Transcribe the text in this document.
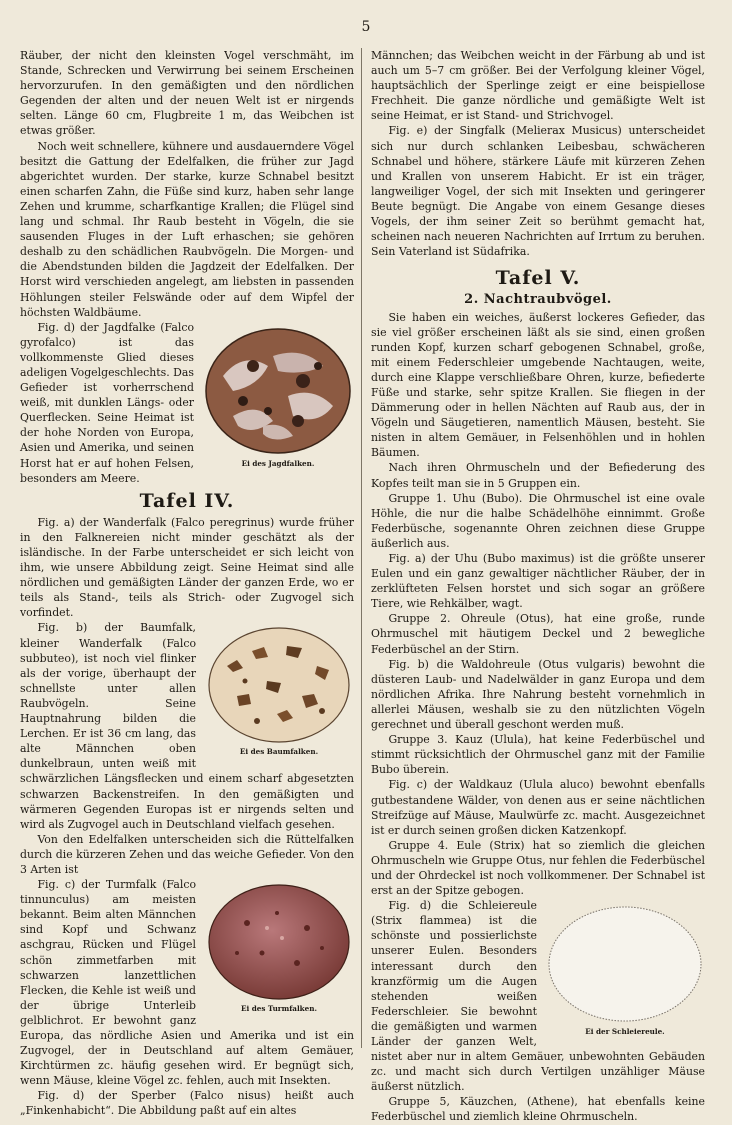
5

Räuber, der nicht den kleinsten Vogel verschmäht, im Stande, Schrecken und Verwirrung bei seinem Erscheinen hervorzurufen. In den gemäßigten und den nördlichen Gegenden der alten und der neuen Welt ist er nirgends selten. Länge 60 cm, Flugbreite 1 m, das Weibchen ist etwas größer.

Noch weit schnellere, kühnere und ausdauerndere Vögel besitzt die Gattung der Edelfalken, die früher zur Jagd abgerichtet wurden. Der starke, kurze Schnabel besitzt einen scharfen Zahn, die Füße sind kurz, haben sehr lange Zehen und krumme, scharfkantige Krallen; die Flügel sind lang und schmal. Ihr Raub besteht in Vögeln, die sie sausenden Fluges in der Luft erhaschen; sie gehören deshalb zu den schädlichen Raubvögeln. Die Morgen- und die Abendstunden bilden die Jagdzeit der Edelfalken. Der Horst wird verschieden angelegt, am liebsten in passenden Höhlungen steiler Felswände oder auf dem Wipfel der höchsten Waldbäume.

Ei des Jagdfalken.

Fig. d) der Jagdfalke (Falco gyrofalco) ist das vollkommenste Glied dieses adeligen Vogelgeschlechts. Das Gefieder ist vorherrschend weiß, mit dunklen Längs- oder Querflecken. Seine Heimat ist der hohe Norden von Europa, Asien und Amerika, und seinen Horst hat er auf hohen Felsen, besonders am Meere.

Tafel IV.

Fig. a) der Wanderfalk (Falco peregrinus) wurde früher in den Falknereien nicht minder geschätzt als der isländische. In der Farbe unterscheidet er sich leicht von ihm, wie unsere Abbildung zeigt. Seine Heimat sind alle nördlichen und gemäßigten Länder der ganzen Erde, wo er teils als Stand-, teils als Strich- oder Zugvogel sich vorfindet.

Ei des Baumfalken.

Fig. b) der Baumfalk, kleiner Wanderfalk (Falco subbuteo), ist noch viel flinker als der vorige, überhaupt der schnellste unter allen Raubvögeln. Seine Hauptnahrung bilden die Lerchen. Er ist 36 cm lang, das alte Männchen oben dunkelbraun, unten weiß mit schwärzlichen Längsflecken und einem scharf abgesetzten schwarzen Backenstreifen. In den gemäßigten und wärmeren Gegenden Europas ist er nirgends selten und wird als Zugvogel auch in Deutschland vielfach gesehen.

Von den Edelfalken unterscheiden sich die Rüttelfalken durch die kürzeren Zehen und das weiche Gefieder. Von den 3 Arten ist

Ei des Turmfalken.

Fig. c) der Turmfalk (Falco tinnunculus) am meisten bekannt. Beim alten Männchen sind Kopf und Schwanz aschgrau, Rücken und Flügel schön zimmetfarben mit schwarzen lanzettlichen Flecken, die Kehle ist weiß und der übrige Unterleib gelblichrot. Er bewohnt ganz Europa, das nördliche Asien und Amerika und ist ein Zugvogel, der in Deutschland auf altem Gemäuer, Kirchtürmen zc. häufig gesehen wird. Er begnügt sich, wenn Mäuse, kleine Vögel zc. fehlen, auch mit Insekten.

Fig. d) der Sperber (Falco nisus) heißt auch „Finkenhabicht“. Die Abbildung paßt auf ein altes

Männchen; das Weibchen weicht in der Färbung ab und ist auch um 5–7 cm größer. Bei der Verfolgung kleiner Vögel, hauptsächlich der Sperlinge zeigt er eine beispiellose Frechheit. Die ganze nördliche und gemäßigte Welt ist seine Heimat, er ist Stand- und Strichvogel.

Fig. e) der Singfalk (Melierax Musicus) unterscheidet sich nur durch schlanken Leibesbau, schwächeren Schnabel und höhere, stärkere Läufe mit kürzeren Zehen und Krallen von unserem Habicht. Er ist ein träger, langweiliger Vogel, der sich mit Insekten und geringerer Beute begnügt. Die Angabe von einem Gesange dieses Vogels, der ihm seiner Zeit so berühmt gemacht hat, scheinen nach neueren Nachrichten auf Irrtum zu beruhen. Sein Vaterland ist Südafrika.

Tafel V.
2. Nachtraubvögel.

Sie haben ein weiches, äußerst lockeres Gefieder, das sie viel größer erscheinen läßt als sie sind, einen großen runden Kopf, kurzen scharf gebogenen Schnabel, große, mit einem Federschleier umgebende Nachtaugen, weite, durch eine Klappe verschließbare Ohren, kurze, befiederte Füße und starke, sehr spitze Krallen. Sie fliegen in der Dämmerung oder in hellen Nächten auf Raub aus, der in Vögeln und Säugetieren, namentlich Mäusen, besteht. Sie nisten in altem Gemäuer, in Felsenhöhlen und in hohlen Bäumen.

Nach ihren Ohrmuscheln und der Befiederung des Kopfes teilt man sie in 5 Gruppen ein.

Gruppe 1. Uhu (Bubo). Die Ohrmuschel ist eine ovale Höhle, die nur die halbe Schädelhöhe einnimmt. Große Federbüsche, sogenannte Ohren zeichnen diese Gruppe äußerlich aus.

Fig. a) der Uhu (Bubo maximus) ist die größte unserer Eulen und ein ganz gewaltiger nächtlicher Räuber, der in zerklüfteten Felsen horstet und sich sogar an größere Tiere, wie Rehkälber, wagt.

Gruppe 2. Ohreule (Otus), hat eine große, runde Ohrmuschel mit häutigem Deckel und 2 bewegliche Federbüschel an der Stirn.

Fig. b) die Waldohreule (Otus vulgaris) bewohnt die düsteren Laub- und Nadelwälder in ganz Europa und dem nördlichen Afrika. Ihre Nahrung besteht vornehmlich in allerlei Mäusen, weshalb sie zu den nützlichten Vögeln gerechnet und überall geschont werden muß.

Gruppe 3. Kauz (Ulula), hat keine Federbüschel und stimmt rücksichtlich der Ohrmuschel ganz mit der Familie Bubo überein.

Fig. c) der Waldkauz (Ulula aluco) bewohnt ebenfalls gutbestandene Wälder, von denen aus er seine nächtlichen Streifzüge auf Mäuse, Maulwürfe zc. macht. Ausgezeichnet ist er durch seinen großen dicken Katzenkopf.

Gruppe 4. Eule (Strix) hat so ziemlich die gleichen Ohrmuscheln wie Gruppe Otus, nur fehlen die Federbüschel und der Ohrdeckel ist noch vollkommener. Der Schnabel ist erst an der Spitze gebogen.

Ei der Schleiereule.

Fig. d) die Schleiereule (Strix flammea) ist die schönste und possierlichste unserer Eulen. Besonders interessant durch den kranzförmig um die Augen stehenden weißen Federschleier. Sie bewohnt die gemäßigten und warmen Länder der ganzen Welt, nistet aber nur in altem Gemäuer, unbewohnten Gebäuden zc. und macht sich durch Vertilgen unzähliger Mäuse äußerst nützlich.

Gruppe 5, Käuzchen, (Athene), hat ebenfalls keine Federbüschel und ziemlich kleine Ohrmuscheln.
